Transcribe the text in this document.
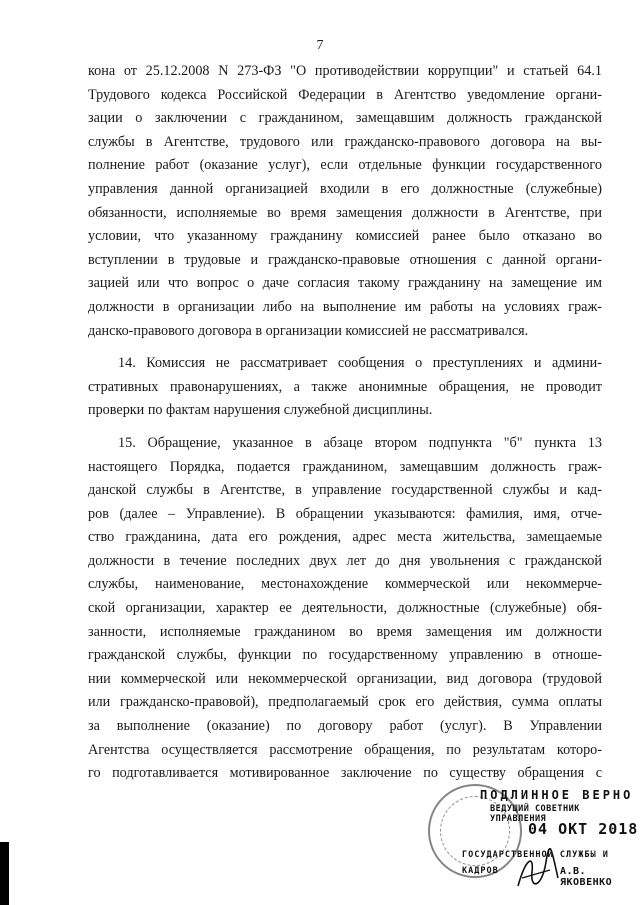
7
кона от 25.12.2008 N 273-ФЗ "О противодействии коррупции" и статьей 64.1
Трудового кодекса Российской Федерации в Агентство уведомление органи-
зации о заключении с гражданином, замещавшим должность гражданской
службы в Агентстве, трудового или гражданско-правового договора на вы-
полнение работ (оказание услуг), если отдельные функции государственного
управления данной организацией входили в его должностные (служебные)
обязанности, исполняемые во время замещения должности в Агентстве, при
условии, что указанному гражданину комиссией ранее было отказано во
вступлении в трудовые и гражданско-правовые отношения с данной органи-
зацией или что вопрос о даче согласия такому гражданину на замещение им
должности в организации либо на выполнение им работы на условиях граж-
данско-правового договора в организации комиссией не рассматривался.
14. Комиссия не рассматривает сообщения о преступлениях и админи-
стративных правонарушениях, а также анонимные обращения, не проводит
проверки по фактам нарушения служебной дисциплины.
15. Обращение, указанное в абзаце втором подпункта "б" пункта 13
настоящего Порядка, подается гражданином, замещавшим должность граж-
данской службы в Агентстве, в управление государственной службы и кад-
ров (далее – Управление). В обращении указываются: фамилия, имя, отче-
ство гражданина, дата его рождения, адрес места жительства, замещаемые
должности в течение последних двух лет до дня увольнения с гражданской
службы, наименование, местонахождение коммерческой или некоммерче-
ской организации, характер ее деятельности, должностные (служебные) обя-
занности, исполняемые гражданином во время замещения им должности
гражданской службы, функции по государственному управлению в отноше-
нии коммерческой или некоммерческой организации, вид договора (трудовой
или гражданско-правовой), предполагаемый срок его действия, сумма оплаты
за выполнение (оказание) по договору работ (услуг). В Управлении
Агентства осуществляется рассмотрение обращения, по результатам которо-
го подготавливается мотивированное заключение по существу обращения с
ПОДЛИННОЕ ВЕРНО
ВЕДУЩИЙ СОВЕТНИК УПРАВЛЕНИЯ
04 ОКТ 2018
ГОСУДАРСТВЕННОЙ СЛУЖБЫ И
КАДРОВ	А.В. ЯКОВЕНКО
